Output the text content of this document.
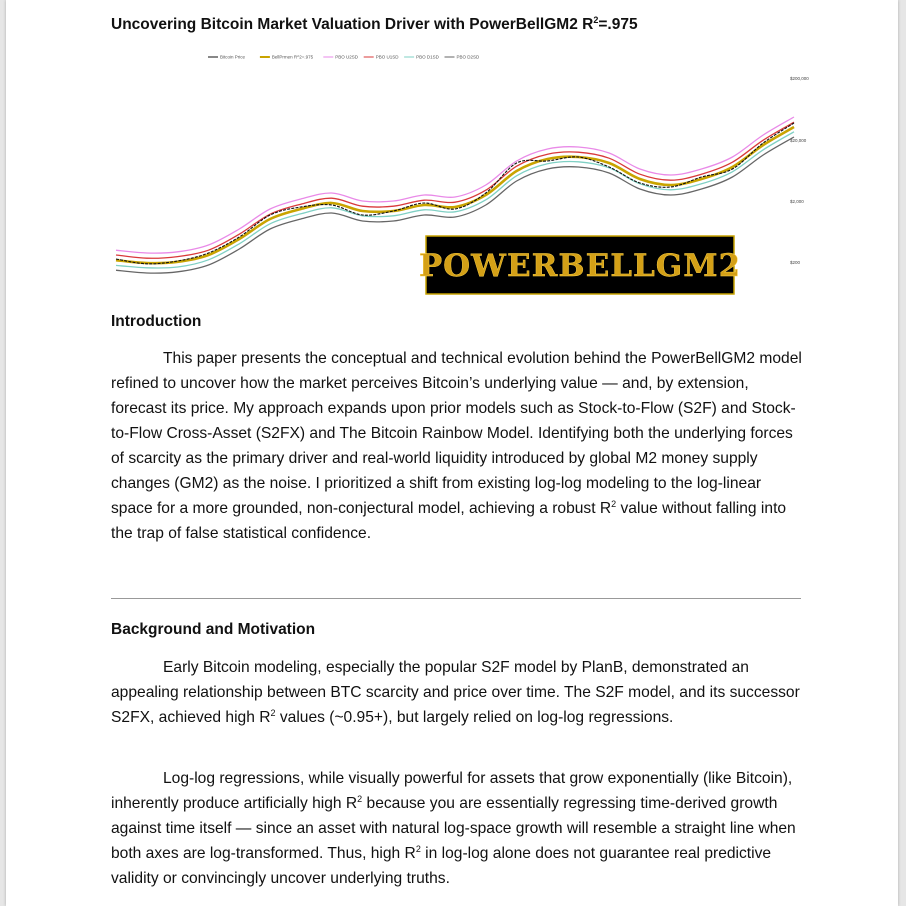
Uncovering Bitcoin Market Valuation Driver with PowerBellGM2 $R^2=.975$
Bitcoin Price	BellPrmen R^2=.975	PBO U2SD	PBO U1SD	PBO D1SD	PBO D2SD
$200,000
$20,000
$2,000
$200
POWERBELLGM2
Introduction

This paper presents the conceptual and technical evolution behind the PowerBellGM2 model refined to uncover how the market perceives Bitcoin’s underlying value — and, by extension, forecast its price. My approach expands upon prior models such as Stock-to-Flow (S2F) and Stock-to-Flow Cross-Asset (S2FX) and The Bitcoin Rainbow Model. Identifying both the underlying forces of scarcity as the primary driver and real-world liquidity introduced by global M2 money supply changes (GM2) as the noise. I prioritized a shift from existing log-log modeling to the log-linear space for a more grounded, non-conjectural model, achieving a robust $R^2$ value without falling into the trap of false statistical confidence.

Background and Motivation

Early Bitcoin modeling, especially the popular S2F model by PlanB, demonstrated an appealing relationship between BTC scarcity and price over time. The S2F model, and its successor S2FX, achieved high $R^2$ values (~0.95+), but largely relied on log-log regressions.

Log-log regressions, while visually powerful for assets that grow exponentially (like Bitcoin), inherently produce artificially high $R^2$ because you are essentially regressing time-derived growth against time itself — since an asset with natural log-space growth will resemble a straight line when both axes are log-transformed. Thus, high $R^2$ in log-log alone does not guarantee real predictive validity or convincingly uncover underlying truths.
